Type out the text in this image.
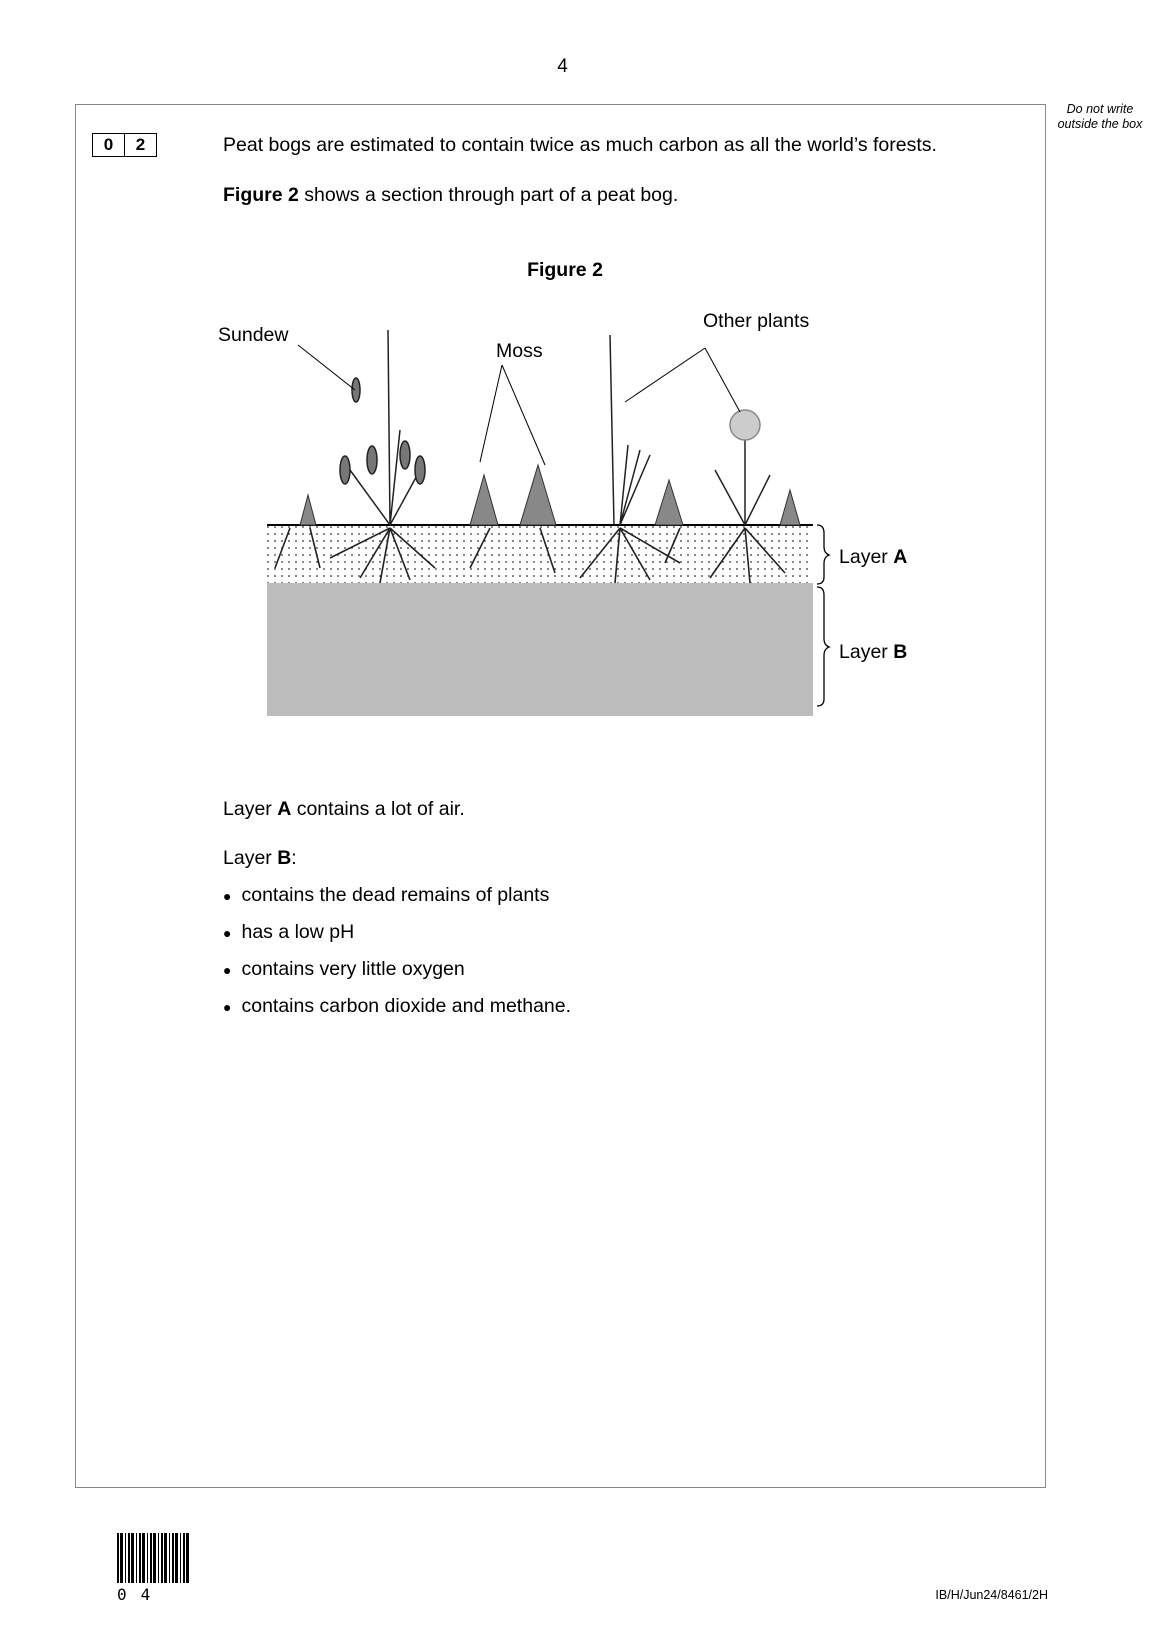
4
Do not write outside the box
0	2	Peat bogs are estimated to contain twice as much carbon as all the world’s forests.
Figure 2 shows a section through part of a peat bog.
Figure 2
Sundew
Moss
Other plants
Layer A
Layer B
Layer A contains a lot of air.
Layer B:
● contains the dead remains of plants
● has a low pH
● contains very little oxygen
● contains carbon dioxide and methane.
04	IB/H/Jun24/8461/2H
